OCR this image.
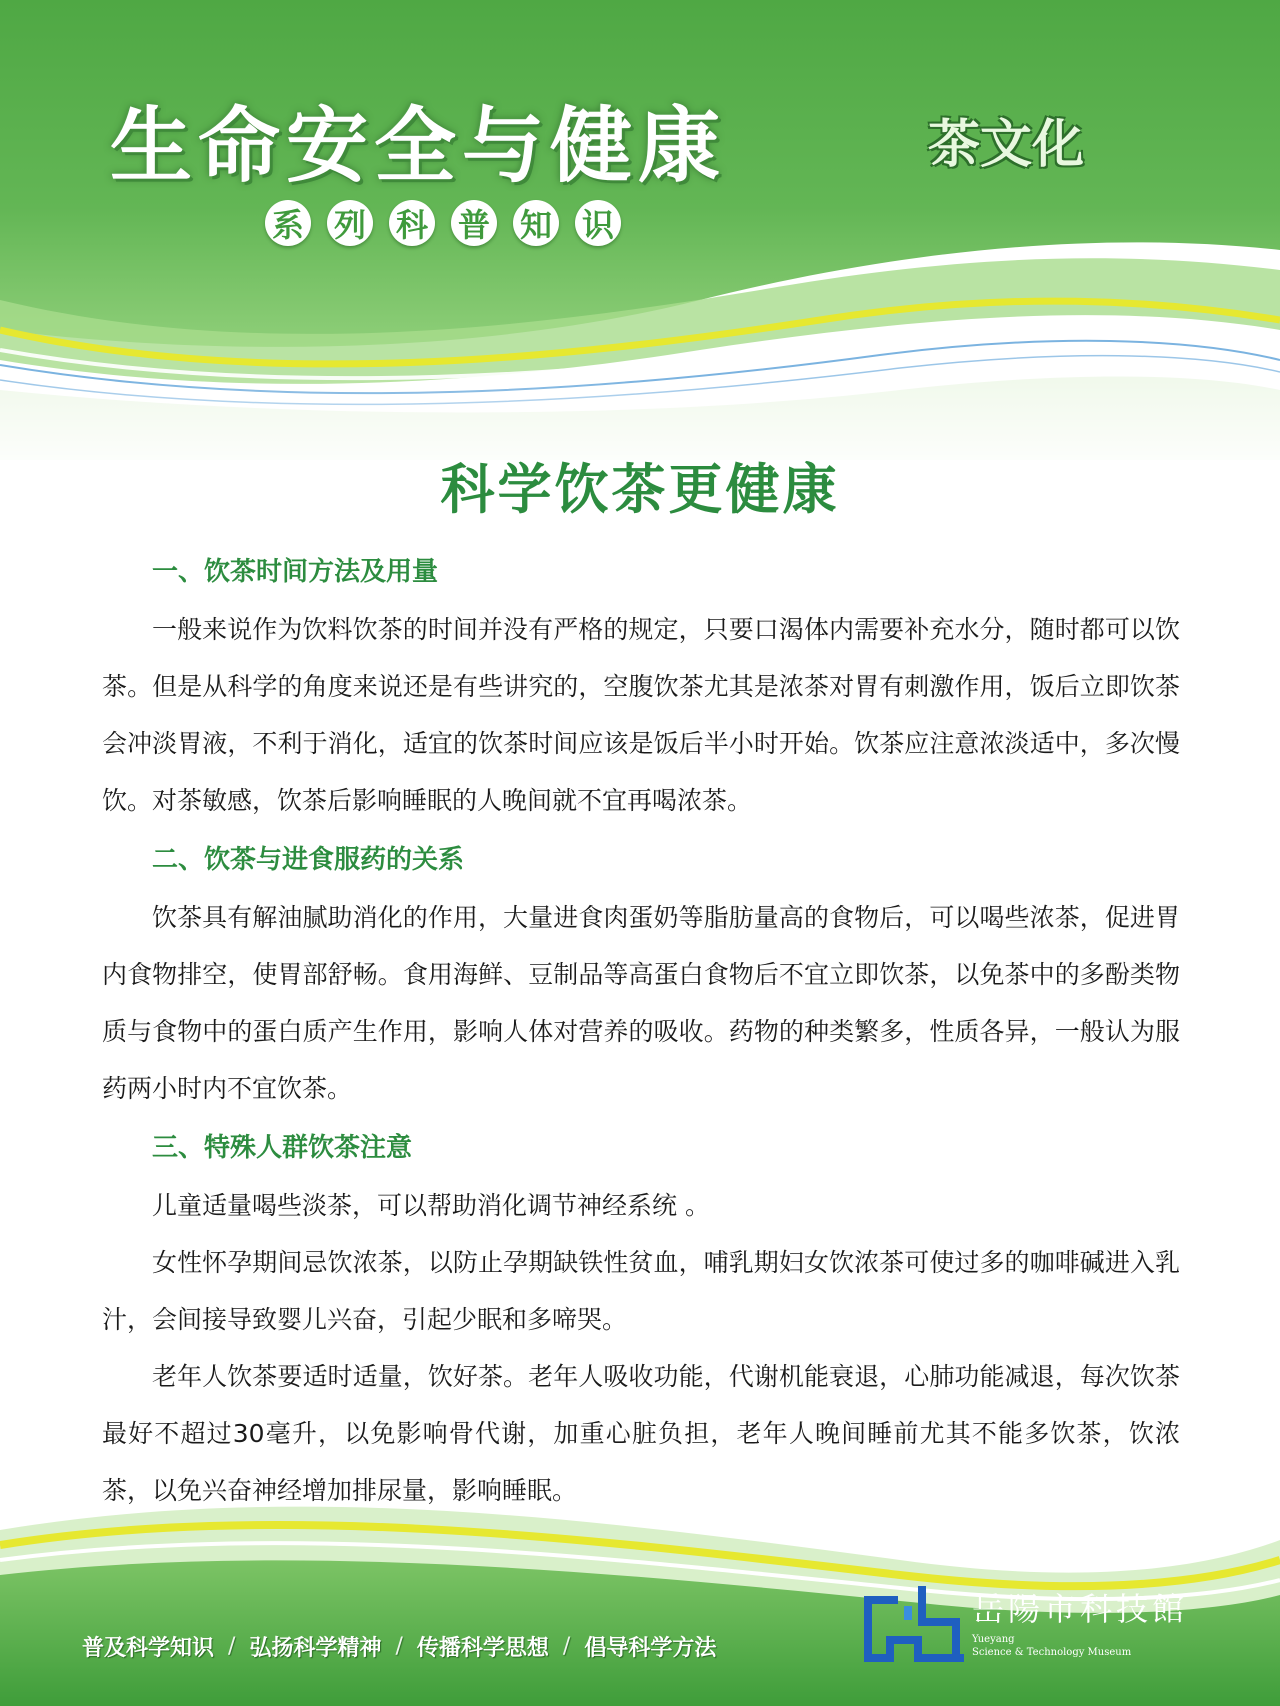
生命安全与健康
系 列 科 普 知 识
茶文化
科学饮茶更健康
一、饮茶时间方法及用量

一般来说作为饮料饮茶的时间并没有严格的规定，只要口渴体内需要补充水分，随时都可以饮茶。但是从科学的角度来说还是有些讲究的，空腹饮茶尤其是浓茶对胃有刺激作用，饭后立即饮茶会冲淡胃液，不利于消化，适宜的饮茶时间应该是饭后半小时开始。饮茶应注意浓淡适中，多次慢饮。对茶敏感，饮茶后影响睡眠的人晚间就不宜再喝浓茶。

二、饮茶与进食服药的关系

饮茶具有解油腻助消化的作用，大量进食肉蛋奶等脂肪量高的食物后，可以喝些浓茶，促进胃内食物排空，使胃部舒畅。食用海鲜、豆制品等高蛋白食物后不宜立即饮茶，以免茶中的多酚类物质与食物中的蛋白质产生作用，影响人体对营养的吸收。药物的种类繁多，性质各异，一般认为服药两小时内不宜饮茶。

三、特殊人群饮茶注意

儿童适量喝些淡茶，可以帮助消化调节神经系统 。

女性怀孕期间忌饮浓茶，以防止孕期缺铁性贫血，哺乳期妇女饮浓茶可使过多的咖啡碱进入乳汁，会间接导致婴儿兴奋，引起少眠和多啼哭。

老年人饮茶要适时适量，饮好茶。老年人吸收功能，代谢机能衰退，心肺功能减退，每次饮茶最好不超过30毫升，以免影响骨代谢，加重心脏负担，老年人晚间睡前尤其不能多饮茶，饮浓茶，以免兴奋神经增加排尿量，影响睡眠。

普及科学知识 / 弘扬科学精神 / 传播科学思想 / 倡导科学方法
岳陽市科技館
Yueyang
Science & Technology Museum
